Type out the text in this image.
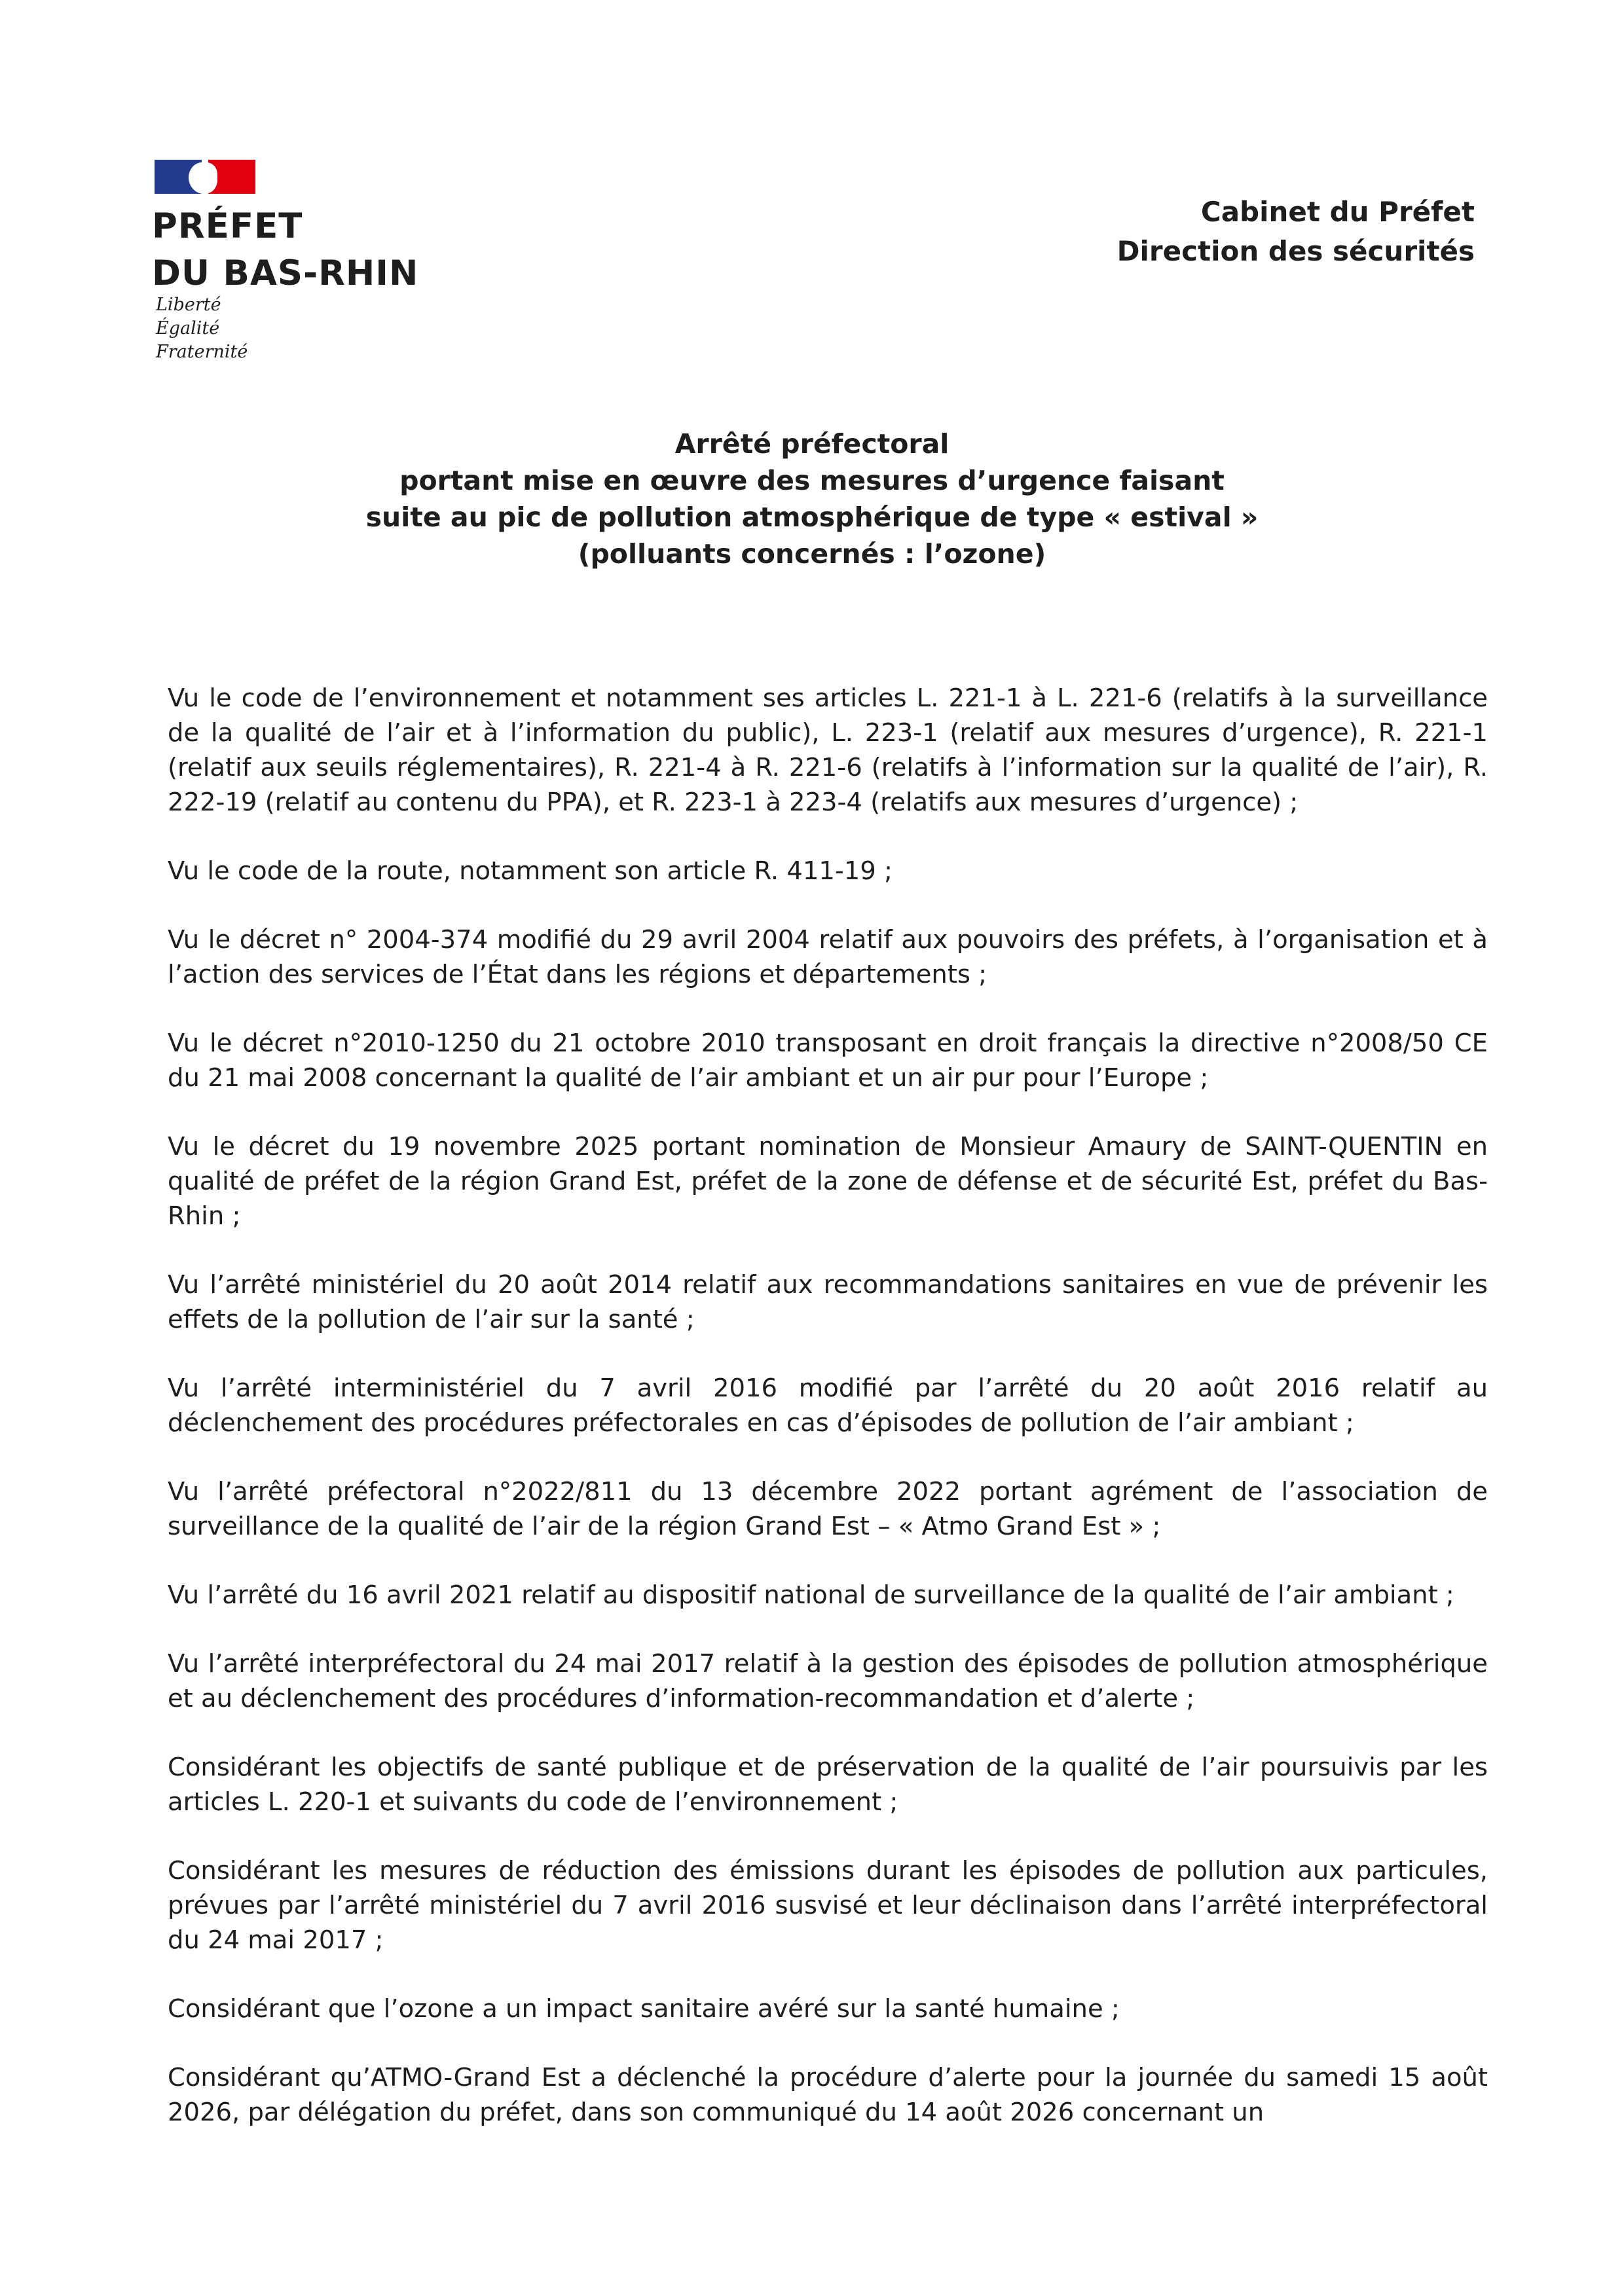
PRÉFET
DU BAS-RHIN
Liberté
Égalité
Fraternité
Cabinet du Préfet
Direction des sécurités
Arrêté préfectoral
portant mise en œuvre des mesures d’urgence faisant
suite au pic de pollution atmosphérique de type « estival »
(polluants concernés : l’ozone)

Vu le code de l’environnement et notamment ses articles L. 221-1 à L. 221-6 (relatifs à la surveillance de la qualité de l’air et à l’information du public), L. 223-1 (relatif aux mesures d’urgence), R. 221-1 (relatif aux seuils réglementaires), R. 221-4 à R. 221-6 (relatifs à l’information sur la qualité de l’air), R. 222-19 (relatif au contenu du PPA), et R. 223-1 à 223-4 (relatifs aux mesures d’urgence) ;

Vu le code de la route, notamment son article R. 411-19 ;

Vu le décret n° 2004-374 modifié du 29 avril 2004 relatif aux pouvoirs des préfets, à l’organisation et à l’action des services de l’État dans les régions et départements ;

Vu le décret n°2010-1250 du 21 octobre 2010 transposant en droit français la directive n°2008/50 CE du 21 mai 2008 concernant la qualité de l’air ambiant et un air pur pour l’Europe ;

Vu le décret du 19 novembre 2025 portant nomination de Monsieur Amaury de SAINT-QUENTIN en qualité de préfet de la région Grand Est, préfet de la zone de défense et de sécurité Est, préfet du Bas-Rhin ;

Vu l’arrêté ministériel du 20 août 2014 relatif aux recommandations sanitaires en vue de prévenir les effets de la pollution de l’air sur la santé ;

Vu l’arrêté interministériel du 7 avril 2016 modifié par l’arrêté du 20 août 2016 relatif au déclenchement des procédures préfectorales en cas d’épisodes de pollution de l’air ambiant ;

Vu l’arrêté préfectoral n°2022/811 du 13 décembre 2022 portant agrément de l’association de surveillance de la qualité de l’air de la région Grand Est – « Atmo Grand Est » ;

Vu l’arrêté du 16 avril 2021 relatif au dispositif national de surveillance de la qualité de l’air ambiant ;

Vu l’arrêté interpréfectoral du 24 mai 2017 relatif à la gestion des épisodes de pollution atmosphérique et au déclenchement des procédures d’information-recommandation et d’alerte ;

Considérant les objectifs de santé publique et de préservation de la qualité de l’air poursuivis par les articles L. 220-1 et suivants du code de l’environnement ;

Considérant les mesures de réduction des émissions durant les épisodes de pollution aux particules, prévues par l’arrêté ministériel du 7 avril 2016 susvisé et leur déclinaison dans l’arrêté interpréfectoral du 24 mai 2017 ;

Considérant que l’ozone a un impact sanitaire avéré sur la santé humaine ;

Considérant qu’ATMO-Grand Est a déclenché la procédure d’alerte pour la journée du samedi 15 août 2026, par délégation du préfet, dans son communiqué du 14 août 2026 concernant un
